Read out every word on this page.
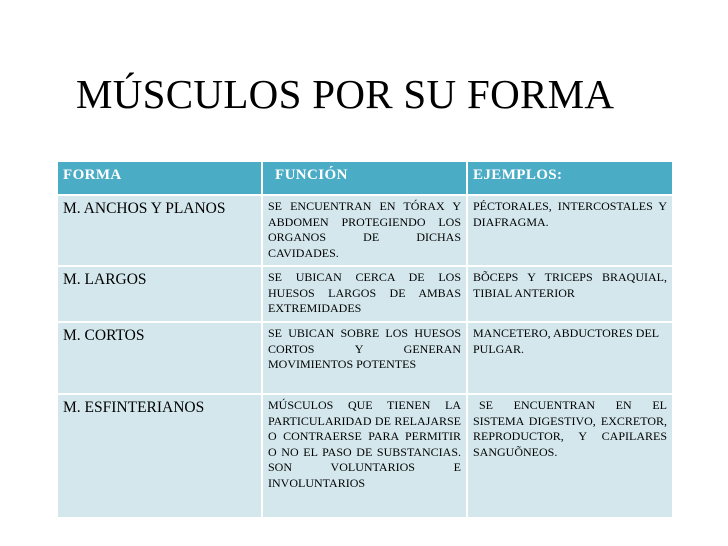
MÚSCULOS POR SU FORMA
FORMA	FUNCIÓN	EJEMPLOS:
M. ANCHOS Y PLANOS	SE ENCUENTRAN EN TÓRAX Y ABDOMEN PROTEGIENDO LOS ORGANOS DE DICHAS CAVIDADES.	PÉCTORALES, INTERCOSTALES Y DIAFRAGMA.
M. LARGOS	SE UBICAN CERCA DE LOS HUESOS LARGOS DE AMBAS EXTREMIDADES	BÕCEPS Y TRICEPS BRAQUIAL, TIBIAL ANTERIOR
M. CORTOS	SE UBICAN SOBRE LOS HUESOS CORTOS Y GENERAN MOVIMIENTOS POTENTES	MANCETERO, ABDUCTORES DEL PULGAR.
M. ESFINTERIANOS	MÚSCULOS QUE TIENEN LA PARTICULARIDAD DE RELAJARSE O CONTRAERSE PARA PERMITIR O NO EL PASO DE SUBSTANCIAS. SON VOLUNTARIOS E INVOLUNTARIOS	SE ENCUENTRAN EN EL SISTEMA DIGESTIVO, EXCRETOR, REPRODUCTOR, Y CAPILARES SANGUÕNEOS.
